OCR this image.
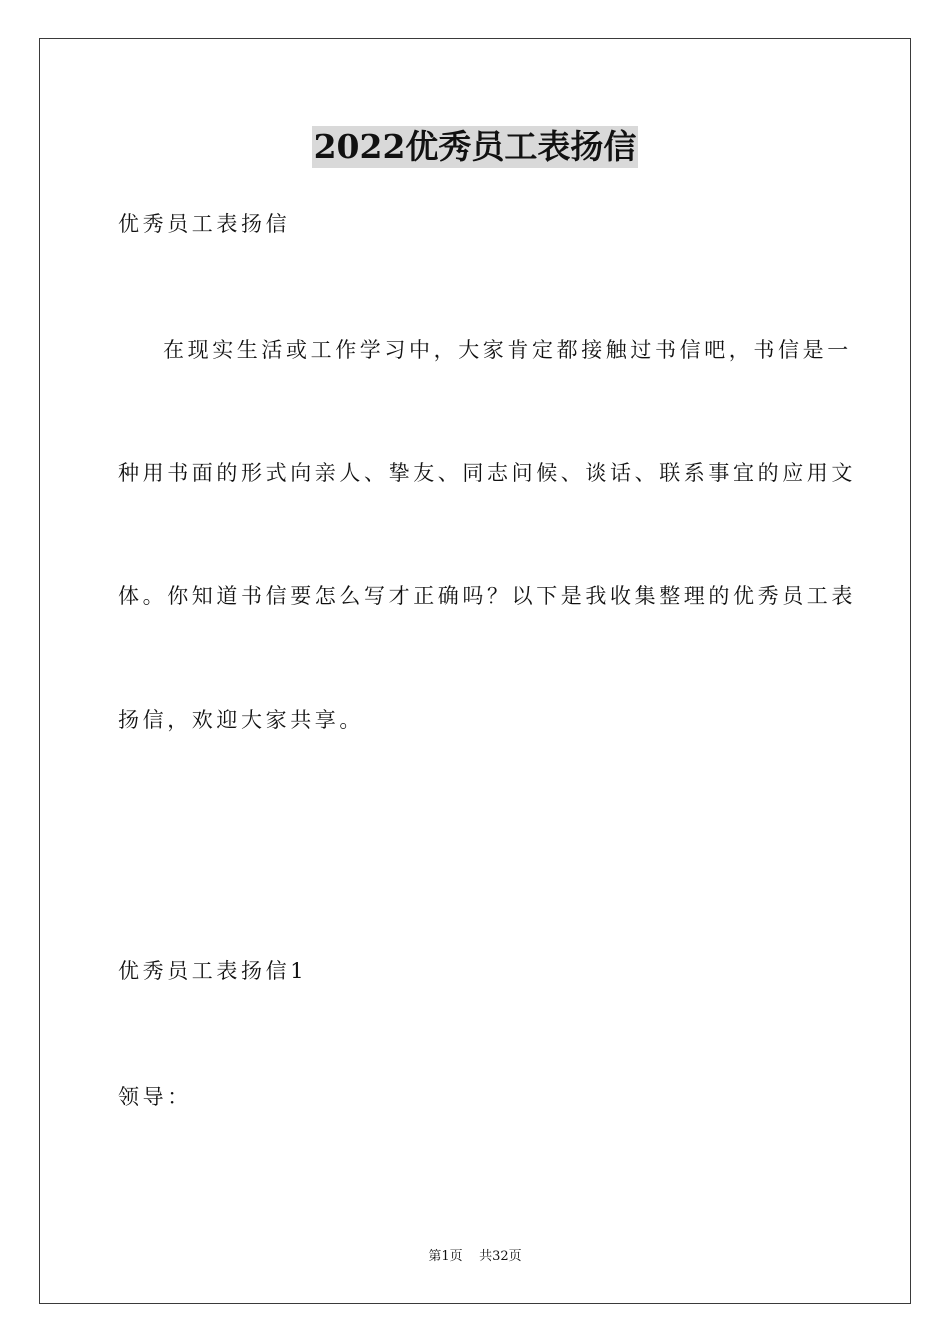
2022优秀员工表扬信
优秀员工表扬信
在现实生活或工作学习中，大家肯定都接触过书信吧，书信是一
种用书面的形式向亲人、挚友、同志问候、谈话、联系事宜的应用文
体。你知道书信要怎么写才正确吗？以下是我收集整理的优秀员工表
扬信，欢迎大家共享。
优秀员工表扬信1
领导：
第1页    共32页
